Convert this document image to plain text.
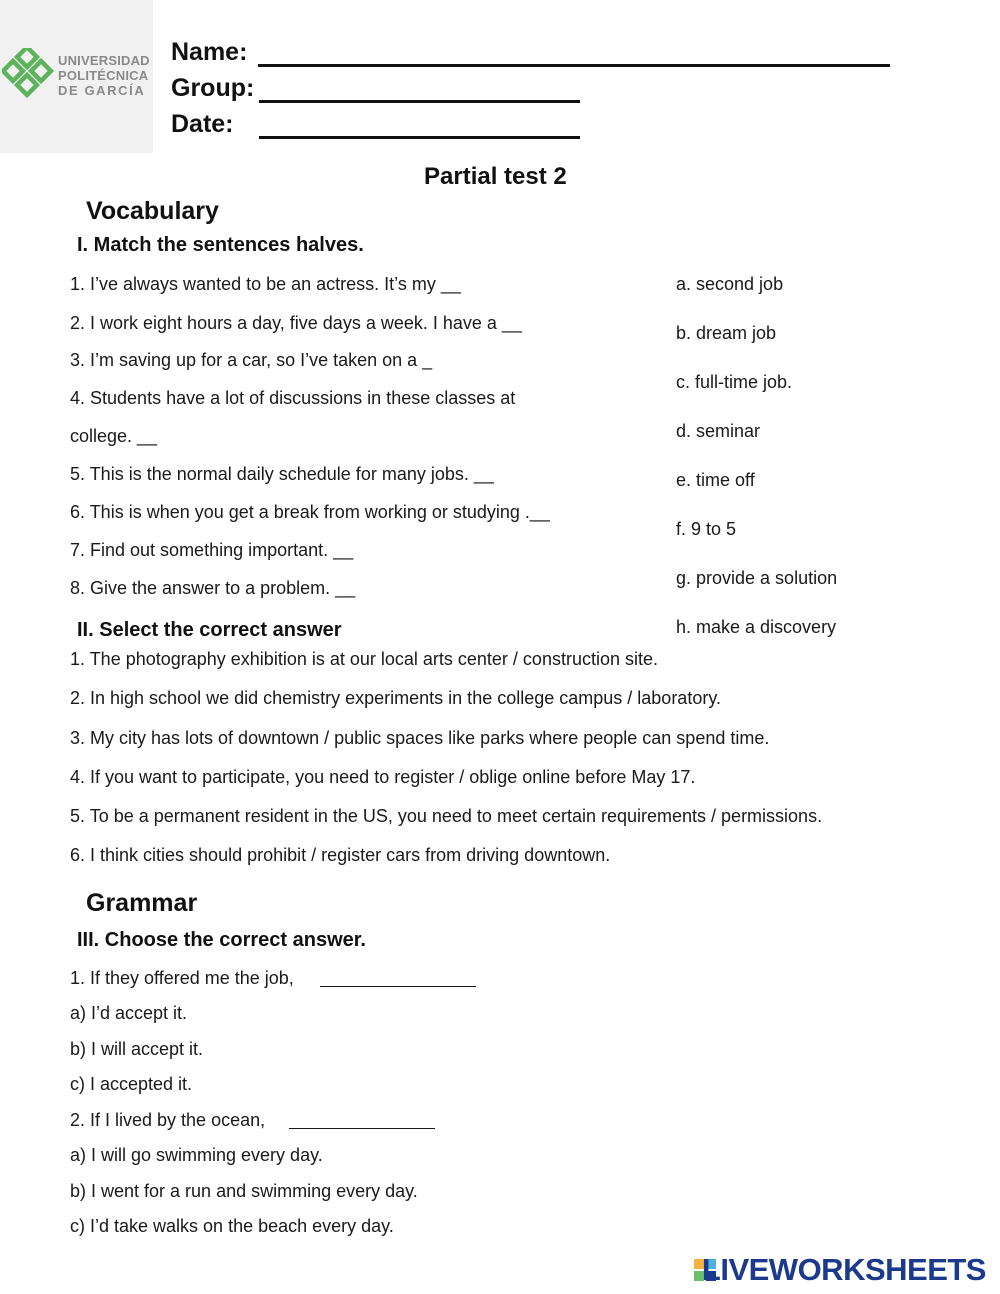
UNIVERSIDAD
POLITÉCNICA
DE GARCÍA
Name:
Group:
Date:
Partial test 2
Vocabulary
I. Match the sentences halves.
1. I’ve always wanted to be an actress. It’s my __
2. I work eight hours a day, five days a week. I have a __
3. I’m saving up for a car, so I’ve taken on a _
4. Students have a lot of discussions in these classes at
college. __
5. This is the normal daily schedule for many jobs. __
6. This is when you get a break from working or studying .__
7. Find out something important. __
8. Give the answer to a problem. __
a. second job
b. dream job
c. full-time job.
d. seminar
e. time off
f. 9 to 5
g. provide a solution
h. make a discovery
II. Select the correct answer
1. The photography exhibition is at our local arts center / construction site.
2. In high school we did chemistry experiments in the college campus / laboratory.
3. My city has lots of downtown / public spaces like parks where people can spend time.
4. If you want to participate, you need to register / oblige online before May 17.
5. To be a permanent resident in the US, you need to meet certain requirements / permissions.
6. I think cities should prohibit / register cars from driving downtown.
Grammar
III. Choose the correct answer.
1. If they offered me the job,
a) I’d accept it.
b) I will accept it.
c) I accepted it.
2. If I lived by the ocean,
a) I will go swimming every day.
b) I went for a run and swimming every day.
c) I’d take walks on the beach every day.
LIVEWORKSHEETS
